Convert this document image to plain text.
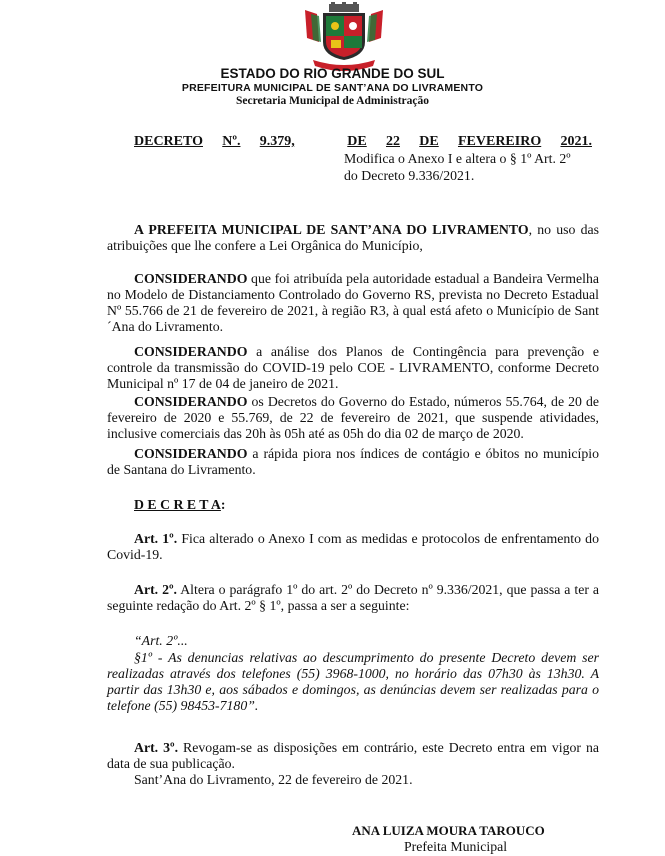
ESTADO DO RIO GRANDE DO SUL
PREFEITURA MUNICIPAL DE SANT’ANA DO LIVRAMENTO
Secretaria Municipal de Administração
DECRETO Nº. 9.379,	DE 22 DE FEVEREIRO 2021.
Modifica o Anexo I e altera o § 1º Art. 2º
do Decreto 9.336/2021.
A PREFEITA MUNICIPAL DE SANT’ANA DO LIVRAMENTO, no uso das atribuições que lhe confere a Lei Orgânica do Município,
CONSIDERANDO que foi atribuída pela autoridade estadual a Bandeira Vermelha no Modelo de Distanciamento Controlado do Governo RS, prevista no Decreto Estadual Nº 55.766 de 21 de fevereiro de 2021, à região R3, à qual está afeto o Município de Sant´Ana do Livramento.
CONSIDERANDO a análise dos Planos de Contingência para prevenção e controle da transmissão do COVID-19 pelo COE - LIVRAMENTO, conforme Decreto Municipal nº 17 de 04 de janeiro de 2021.
CONSIDERANDO os Decretos do Governo do Estado, números 55.764, de 20 de fevereiro de 2020 e 55.769, de 22 de fevereiro de 2021, que suspende atividades, inclusive comerciais das 20h às 05h até as 05h do dia 02 de março de 2020.
CONSIDERANDO a rápida piora nos índices de contágio e óbitos no município de Santana do Livramento.
D E C R E T A:
Art. 1º. Fica alterado o Anexo I com as medidas e protocolos de enfrentamento do Covid-19.
Art. 2º. Altera o parágrafo 1º do art. 2º do Decreto nº 9.336/2021, que passa a ter a seguinte redação do Art. 2º § 1º, passa a ser a seguinte:
“Art. 2º...
§1º - As denuncias relativas ao descumprimento do presente Decreto devem ser realizadas através dos telefones (55) 3968-1000, no horário das 07h30 às 13h30. A partir das 13h30 e, aos sábados e domingos, as denúncias devem ser realizadas para o telefone (55) 98453-7180”.
Art. 3º. Revogam-se as disposições em contrário, este Decreto entra em vigor na data de sua publicação.
Sant’Ana do Livramento, 22 de fevereiro de 2021.
ANA LUIZA MOURA TAROUCO
Prefeita Municipal
